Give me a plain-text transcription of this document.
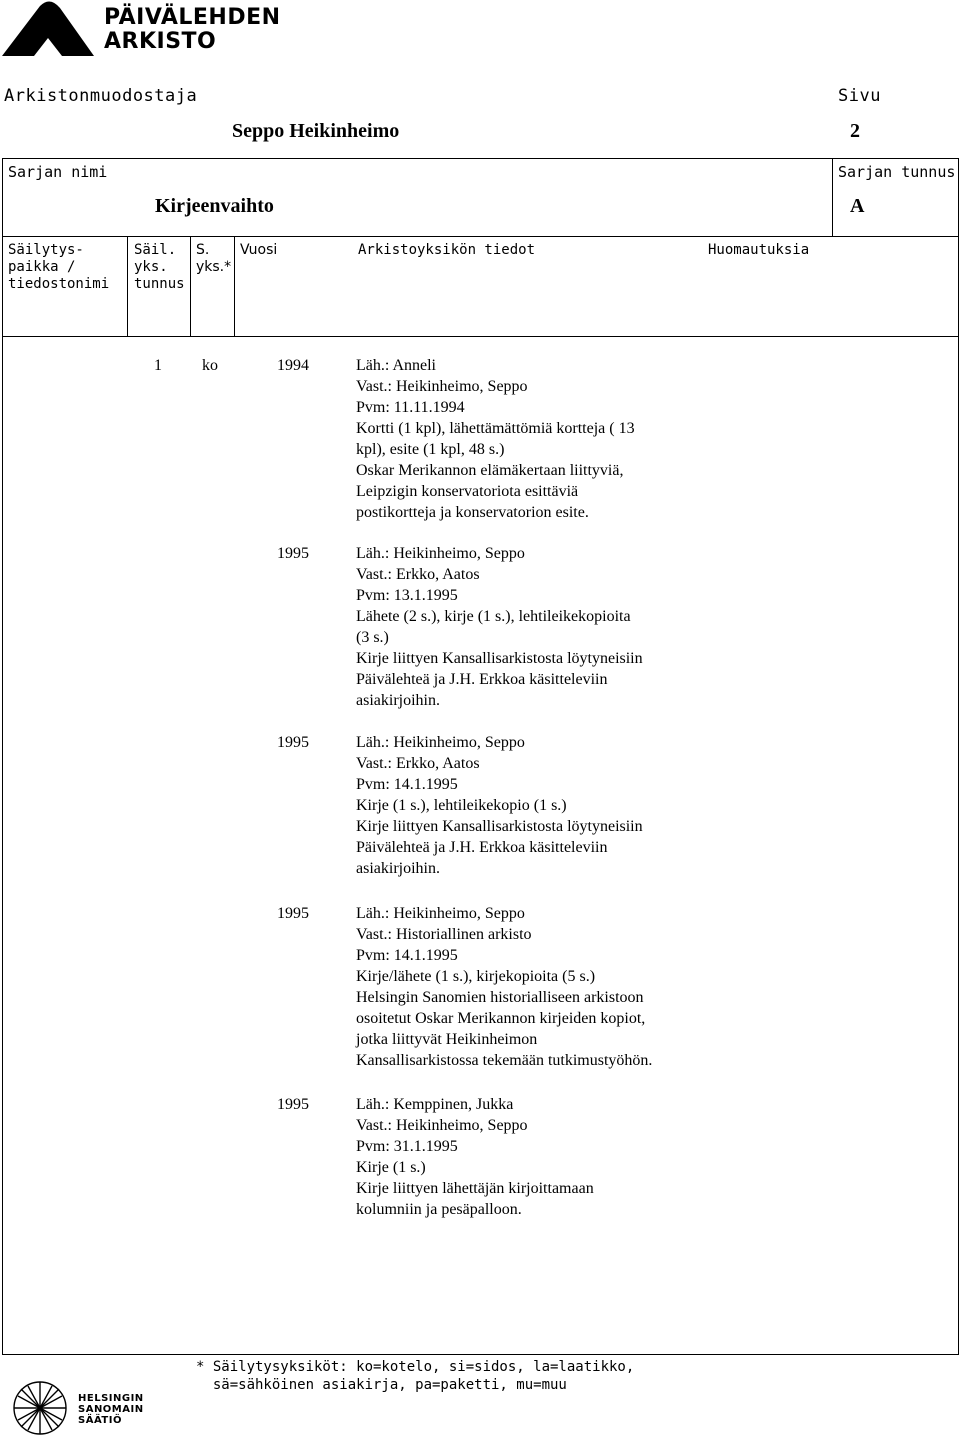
PÄIVÄLEHDEN
ARKISTO
Arkistonmuodostaja	Sivu
Seppo Heikinheimo	2
Sarjan nimi	Sarjan tunnus
Kirjeenvaihto	A
Säilytys-
paikka /
tiedostonimi
Säil.
yks.
tunnus
S.
yks.*
Vuosi	Arkistoyksikön tiedot	Huomautuksia
1	ko	1994	Läh.: Anneli
Vast.: Heikinheimo, Seppo
Pvm: 11.11.1994
Kortti (1 kpl), lähettämättömiä kortteja ( 13
kpl), esite (1 kpl, 48 s.)
Oskar Merikannon elämäkertaan liittyviä,
Leipzigin konservatoriota esittäviä
postikortteja ja konservatorion esite.
1995	Läh.: Heikinheimo, Seppo
Vast.: Erkko, Aatos
Pvm: 13.1.1995
Lähete (2 s.), kirje (1 s.), lehtileikekopioita
(3 s.)
Kirje liittyen Kansallisarkistosta löytyneisiin
Päivälehteä ja J.H. Erkkoa käsitteleviin
asiakirjoihin.
1995	Läh.: Heikinheimo, Seppo
Vast.: Erkko, Aatos
Pvm: 14.1.1995
Kirje (1 s.), lehtileikekopio (1 s.)
Kirje liittyen Kansallisarkistosta löytyneisiin
Päivälehteä ja J.H. Erkkoa käsitteleviin
asiakirjoihin.
1995	Läh.: Heikinheimo, Seppo
Vast.: Historiallinen arkisto
Pvm: 14.1.1995
Kirje/lähete (1 s.), kirjekopioita (5 s.)
Helsingin Sanomien historialliseen arkistoon
osoitetut Oskar Merikannon kirjeiden kopiot,
jotka liittyvät Heikinheimon
Kansallisarkistossa tekemään tutkimustyöhön.
1995	Läh.: Kemppinen, Jukka
Vast.: Heikinheimo, Seppo
Pvm: 31.1.1995
Kirje (1 s.)
Kirje liittyen lähettäjän kirjoittamaan
kolumniin ja pesäpalloon.
* Säilytysyksiköt: ko=kotelo, si=sidos, la=laatikko,
sä=sähköinen asiakirja, pa=paketti, mu=muu
HELSINGIN
SANOMAIN
SÄÄTIÖ
